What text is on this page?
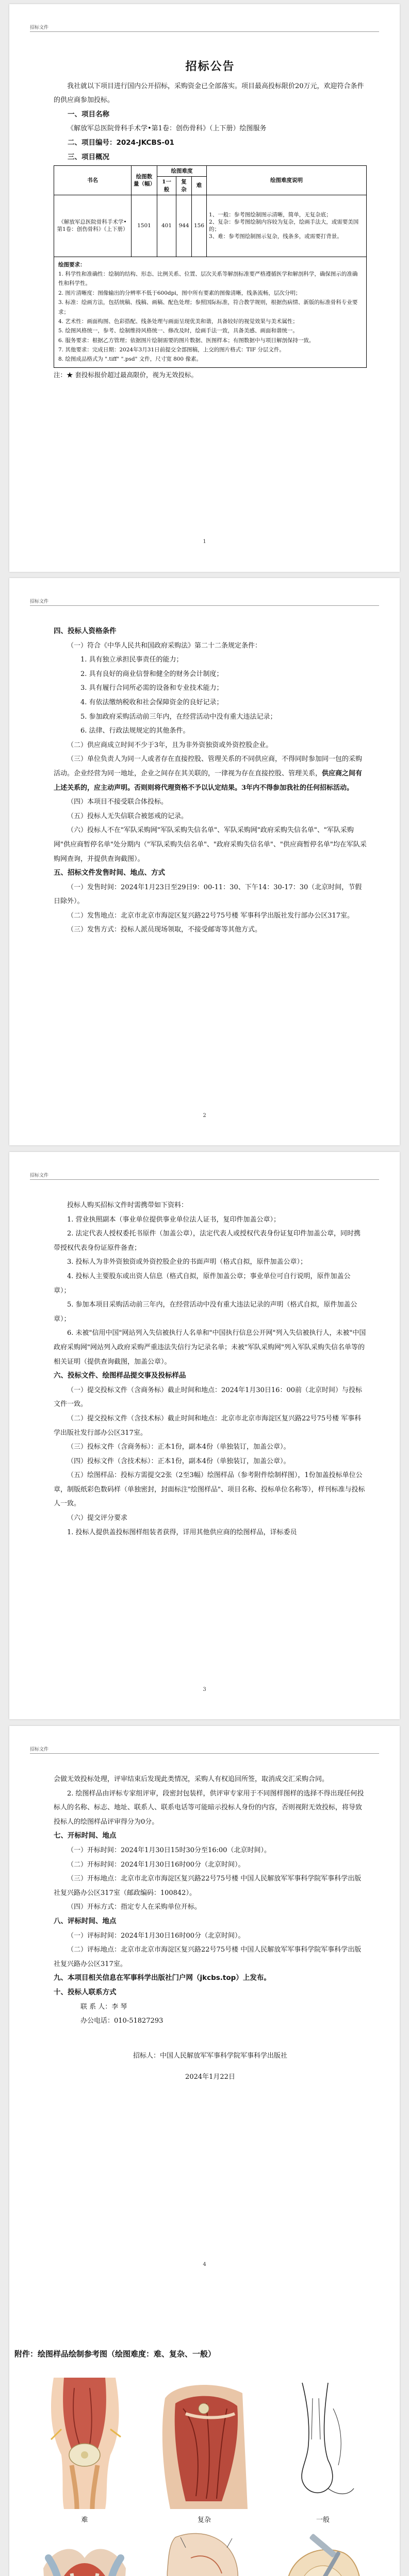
招标文件
招标公告

我社就以下项目进行国内公开招标，采购资金已全部落实。项目最高投标限价20万元，欢迎符合条件的供应商参加投标。

一、项目名称

《解放军总医院骨科手术学•第1卷：创伤骨科》（上下册）绘图服务

二、项目编号：2024-JKCBS-01

三、项目概况

书名	绘图数量（幅）	绘图难度			绘图难度说明
		1一般	复杂	难	
《解放军总医院骨科手术学•第1卷：创伤骨科》（上下册）	1501	401	944	156	1、一般：参考图绘制图示清晰，简单，无复杂底；
2、复杂：参考图绘制内容较为复杂，绘画手法大，或需要美国的；
3、难：参考图绘制图示复杂，线条多，或需要打背景。
绘图要求：
1. 科学性和准确性：绘制的结构、形态、比例关系、位置、层次关系等解剖标准要严格遵循医学和解剖科学，确保图示的准确性和科学性。
2. 图片清晰度：图像输出的分辨率不低于600dpi，图中所有要素的图像清晰，线条流畅，层次分明；
3. 标准：绘画方法，包括统稿、线稿、画稿、配色处理；参照国际标准，符合教学规则，根据伤病情、新版的标准骨科专业要求；
4. 艺术性：画面构图、色彩搭配、线条处理与画面呈现优美和谐，具备较好的视觉效果与美术属性；
5. 绘图风格统一，参考、绘制维持风格统一、修改及时，绘画手法一致，具备美感、画面和谐统一。
6. 服务要求：根据乙方管理；依据图片绘制需要的图片数据、医图样本；有图数据中与项目解剖保持一致。
7. 其他要求：完成日期：2024年3月31日前提交全部图稿，上交的图片格式：TIF 分层文件。
8. 绘图成品格式为 ".tiff" ".psd" 文件，尺寸宽 800 像素。

注：★ 套投标报价超过最高限价，视为无效投标。

1
招标文件

四、投标人资格条件

（一）符合《中华人民共和国政府采购法》第二十二条规定条件：

1. 具有独立承担民事责任的能力；

2. 具有良好的商业信誉和健全的财务会计制度；

3. 具有履行合同所必需的设备和专业技术能力；

4. 有依法缴纳税收和社会保障资金的良好记录；

5. 参加政府采购活动前三年内，在经营活动中没有重大违法记录；

6. 法律、行政法规规定的其他条件。

（二）供应商成立时间不少于3年，且为非外资独资或外资控股企业。

（三）单位负责人为同一人或者存在直接控股、管理关系的不同供应商，不得同时参加同一包的采购活动。企业经营为同一地址，企业之间存在其关联的，一律视为存在直接控股、管理关系，供应商之间有上述关系的，应主动声明。否则则将代理资格不予以认定结果。3年内不得参加我社的任何招标活动。

（四）本项目不接受联合体投标。

（五）投标人无失信联合被惩戒的记录。

（六）投标人不在"军队采购网"军队采购失信名单"、军队采购网"政府采购失信名单"、"军队采购网"供应商暂停名单"处分期内（"军队采购失信名单"、"政府采购失信名单"、"供应商暂停名单"均在军队采购网查询，并提供查询截图）。

五、招标文件发售时间、地点、方式

（一）发售时间：2024年1月23日至29日9：00-11：30、下午14：30-17：30（北京时间，节假日除外）。

（二）发售地点：北京市北京市海淀区复兴路22号75号楼 军事科学出版社发行部办公区317室。

（三）发售方式：投标人派员现场领取，不接受邮寄等其他方式。

2
招标文件

投标人购买招标文件时需携带如下资料：

1. 营业执照副本（事业单位提供事业单位法人证书，复印件加盖公章）；

2. 法定代表人授权委托书原件（加盖公章），法定代表人或授权代表身份证复印件加盖公章，同时携带授权代表身份证原件备查；

3. 投标人为非外资独资或外资控股企业的书面声明（格式自拟，原件加盖公章）；

4. 投标人主要股东或出资人信息（格式自拟，原件加盖公章；事业单位可自行说明，原件加盖公章）；

5. 参加本项目采购活动前三年内，在经营活动中没有重大违法记录的声明（格式自拟，原件加盖公章）；

6. 未被"信用中国"网站列入失信被执行人名单和"中国执行信息公开网"列入失信被执行人，未被"中国政府采购网"网站列入政府采购严重违法失信行为记录名单；未被"军队采购网"列入军队采购失信名单等的相关证明（提供查询截图，加盖公章）。

六、投标文件、绘图样品提交事及投标样品

（一）提交投标文件（含商务标）截止时间和地点：2024年1月30日16：00前（北京时间）与投标文件一致。

（二）提交投标文件（含技术标）截止时间和地点：北京市北京市海淀区复兴路22号75号楼 军事科学出版社发行部办公区317室。

（三）投标文件（含商务标）：正本1份，副本4份（单独装订，加盖公章）。

（四）投标文件（含技术标）：正本1份，副本4份（单独装订，加盖公章）。

（五）绘图样品：投标方需提交2张（2至3幅）绘图样品（参考附件绘制样图），1份加盖投标单位公章，制版纸彩色数码样（单独密封，封面标注"绘图样品"、项目名称、投标单位名称等），样刊标准与投标人一致。

（六）提交评分要求

1. 投标人提供盖投标图样组装者获得，详用其他供应商的绘图样品，详标委员

3
招标文件

会做无效投标处理，评审结束后发现此类情况，采购人有权追回所签，取消成交汇采购合同。

2. 绘图样品由评标专家组评审，段密封包装样，供评审专家用于不同图样图样的选择不得出现任何投标人的名称、标志、地址、联系人、联系电话等可能暗示投标人身份的内容，否则视附无效投标，将导致投标人的绘图样品评审得分为0分。

七、开标时间、地点

（一）开标时间：2024年1月30日15时30分至16:00（北京时间）。

（二）开标时间：2024年1月30日16时00分（北京时间）。

（三）开标地点：北京市北京市海淀区复兴路22号75号楼 中国人民解放军军事科学院军事科学出版社复兴路办公区317室（邮政编码：100842）。

（四）开标方式：指定专人在采购单位开标。

八、评标时间、地点

（一）评标时间：2024年1月30日16时00分（北京时间）。

（二）评标地点：北京市北京市海淀区复兴路22号75号楼 中国人民解放军军事科学院军事科学出版社复兴路办公区317室。

九、本项目相关信息在军事科学出版社门户网（jkcbs.top）上发布。

十、投标人联系方式

联 系 人：李 琴

办公电话：010-51827293

招标人：中国人民解放军军事科学院军事科学出版社

2024年1月22日

4
附件：绘图样品绘制参考图（绘图难度：难、复杂、一般）
难	复杂	一般
